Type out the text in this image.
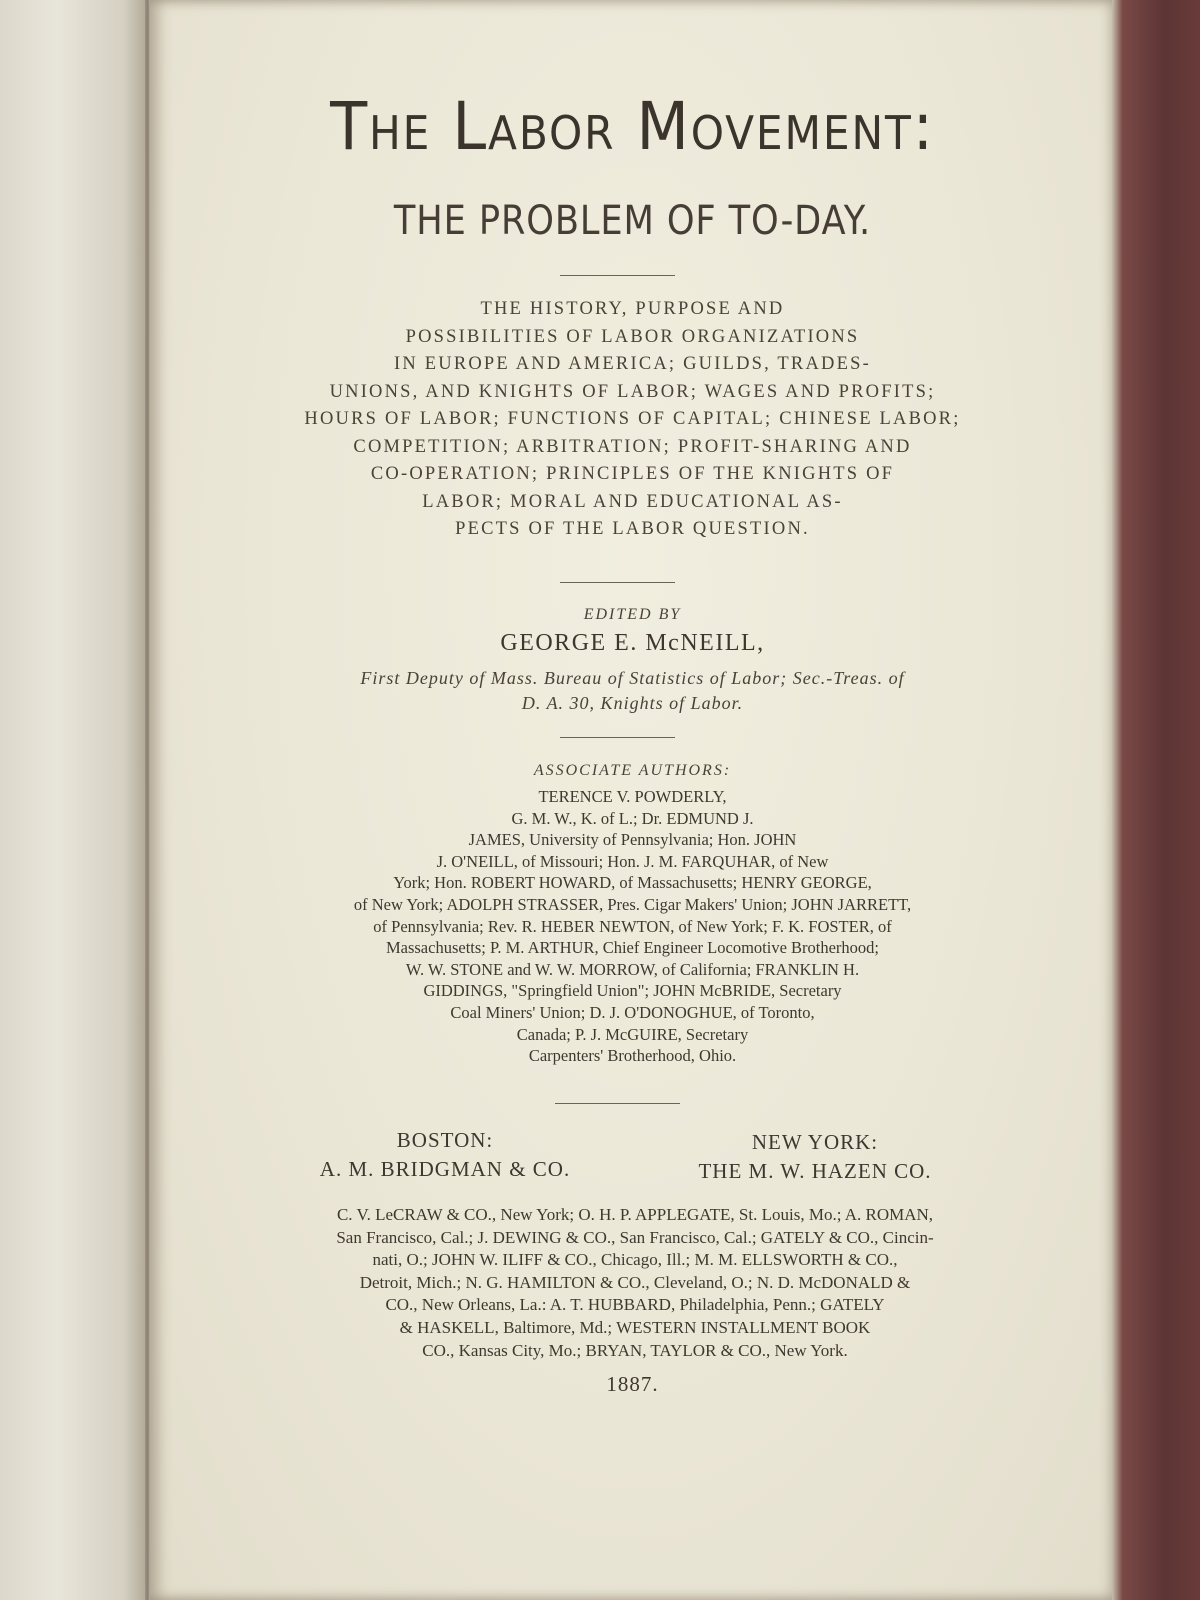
The Labor Movement:
THE PROBLEM OF TO-DAY.
THE HISTORY, PURPOSE AND
POSSIBILITIES OF LABOR ORGANIZATIONS
IN EUROPE AND AMERICA; GUILDS, TRADES-
UNIONS, AND KNIGHTS OF LABOR; WAGES AND PROFITS;
HOURS OF LABOR; FUNCTIONS OF CAPITAL; CHINESE LABOR;
COMPETITION; ARBITRATION; PROFIT-SHARING AND
CO-OPERATION; PRINCIPLES OF THE KNIGHTS OF
LABOR; MORAL AND EDUCATIONAL AS-
PECTS OF THE LABOR QUESTION.
EDITED BY
GEORGE E. McNEILL,
First Deputy of Mass. Bureau of Statistics of Labor; Sec.-Treas. of
D. A. 30, Knights of Labor.
ASSOCIATE AUTHORS:
TERENCE V. POWDERLY,
G. M. W., K. of L.; Dr. EDMUND J.
JAMES, University of Pennsylvania; Hon. JOHN
J. O'NEILL, of Missouri; Hon. J. M. FARQUHAR, of New
York; Hon. ROBERT HOWARD, of Massachusetts; HENRY GEORGE,
of New York; ADOLPH STRASSER, Pres. Cigar Makers' Union; JOHN JARRETT,
of Pennsylvania; Rev. R. HEBER NEWTON, of New York; F. K. FOSTER, of
Massachusetts; P. M. ARTHUR, Chief Engineer Locomotive Brotherhood;
W. W. STONE and W. W. MORROW, of California; FRANKLIN H.
GIDDINGS, "Springfield Union"; JOHN McBRIDE, Secretary
Coal Miners' Union; D. J. O'DONOGHUE, of Toronto,
Canada; P. J. McGUIRE, Secretary
Carpenters' Brotherhood, Ohio.
BOSTON:
A. M. BRIDGMAN & CO.
NEW YORK:
THE M. W. HAZEN CO.
C. V. LeCRAW & CO., New York; O. H. P. APPLEGATE, St. Louis, Mo.; A. ROMAN,
San Francisco, Cal.; J. DEWING & CO., San Francisco, Cal.; GATELY & CO., Cincin-
nati, O.; JOHN W. ILIFF & CO., Chicago, Ill.; M. M. ELLSWORTH & CO.,
Detroit, Mich.; N. G. HAMILTON & CO., Cleveland, O.; N. D. McDONALD &
CO., New Orleans, La.: A. T. HUBBARD, Philadelphia, Penn.; GATELY
& HASKELL, Baltimore, Md.; WESTERN INSTALLMENT BOOK
CO., Kansas City, Mo.; BRYAN, TAYLOR & CO., New York.
1887.
